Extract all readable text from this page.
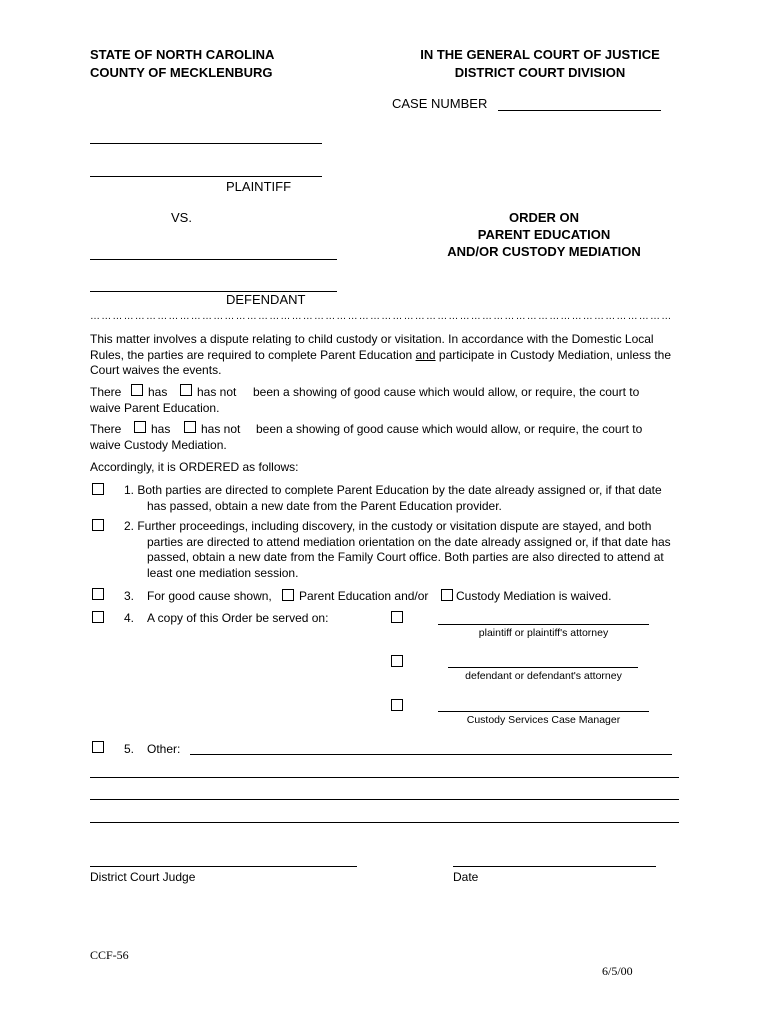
STATE OF NORTH CAROLINA
COUNTY OF MECKLENBURG
IN THE GENERAL COURT OF JUSTICE
DISTRICT COURT DIVISION
CASE NUMBER
PLAINTIFF
VS.	ORDER ON
PARENT EDUCATION
AND/OR CUSTODY MEDIATION
DEFENDANT
…………………………………………………………………………………………………………………………………………
This matter involves a dispute relating to child custody or visitation. In accordance with the Domestic Local Rules, the parties are required to complete Parent Education and participate in Custody Mediation, unless the Court waives the events.
There has has not been a showing of good cause which would allow, or require, the court to
waive Parent Education.
There has	has not been a showing of good cause which would allow, or require, the court to
waive Custody Mediation.
Accordingly, it is ORDERED as follows:
1. Both parties are directed to complete Parent Education by the date already assigned or, if that date has passed, obtain a new date from the Parent Education provider.
2. Further proceedings, including discovery, in the custody or visitation dispute are stayed, and both parties are directed to attend mediation orientation on the date already assigned or, if that date has passed, obtain a new date from the Family Court office. Both parties are also directed to attend at least one mediation session.
3. For good cause shown, Parent Education and/or Custody Mediation is waived.
4. A copy of this Order be served on:
plaintiff or plaintiff's attorney
defendant or defendant's attorney
Custody Services Case Manager
5. Other:
District Court Judge	Date
CCF-56
6/5/00
